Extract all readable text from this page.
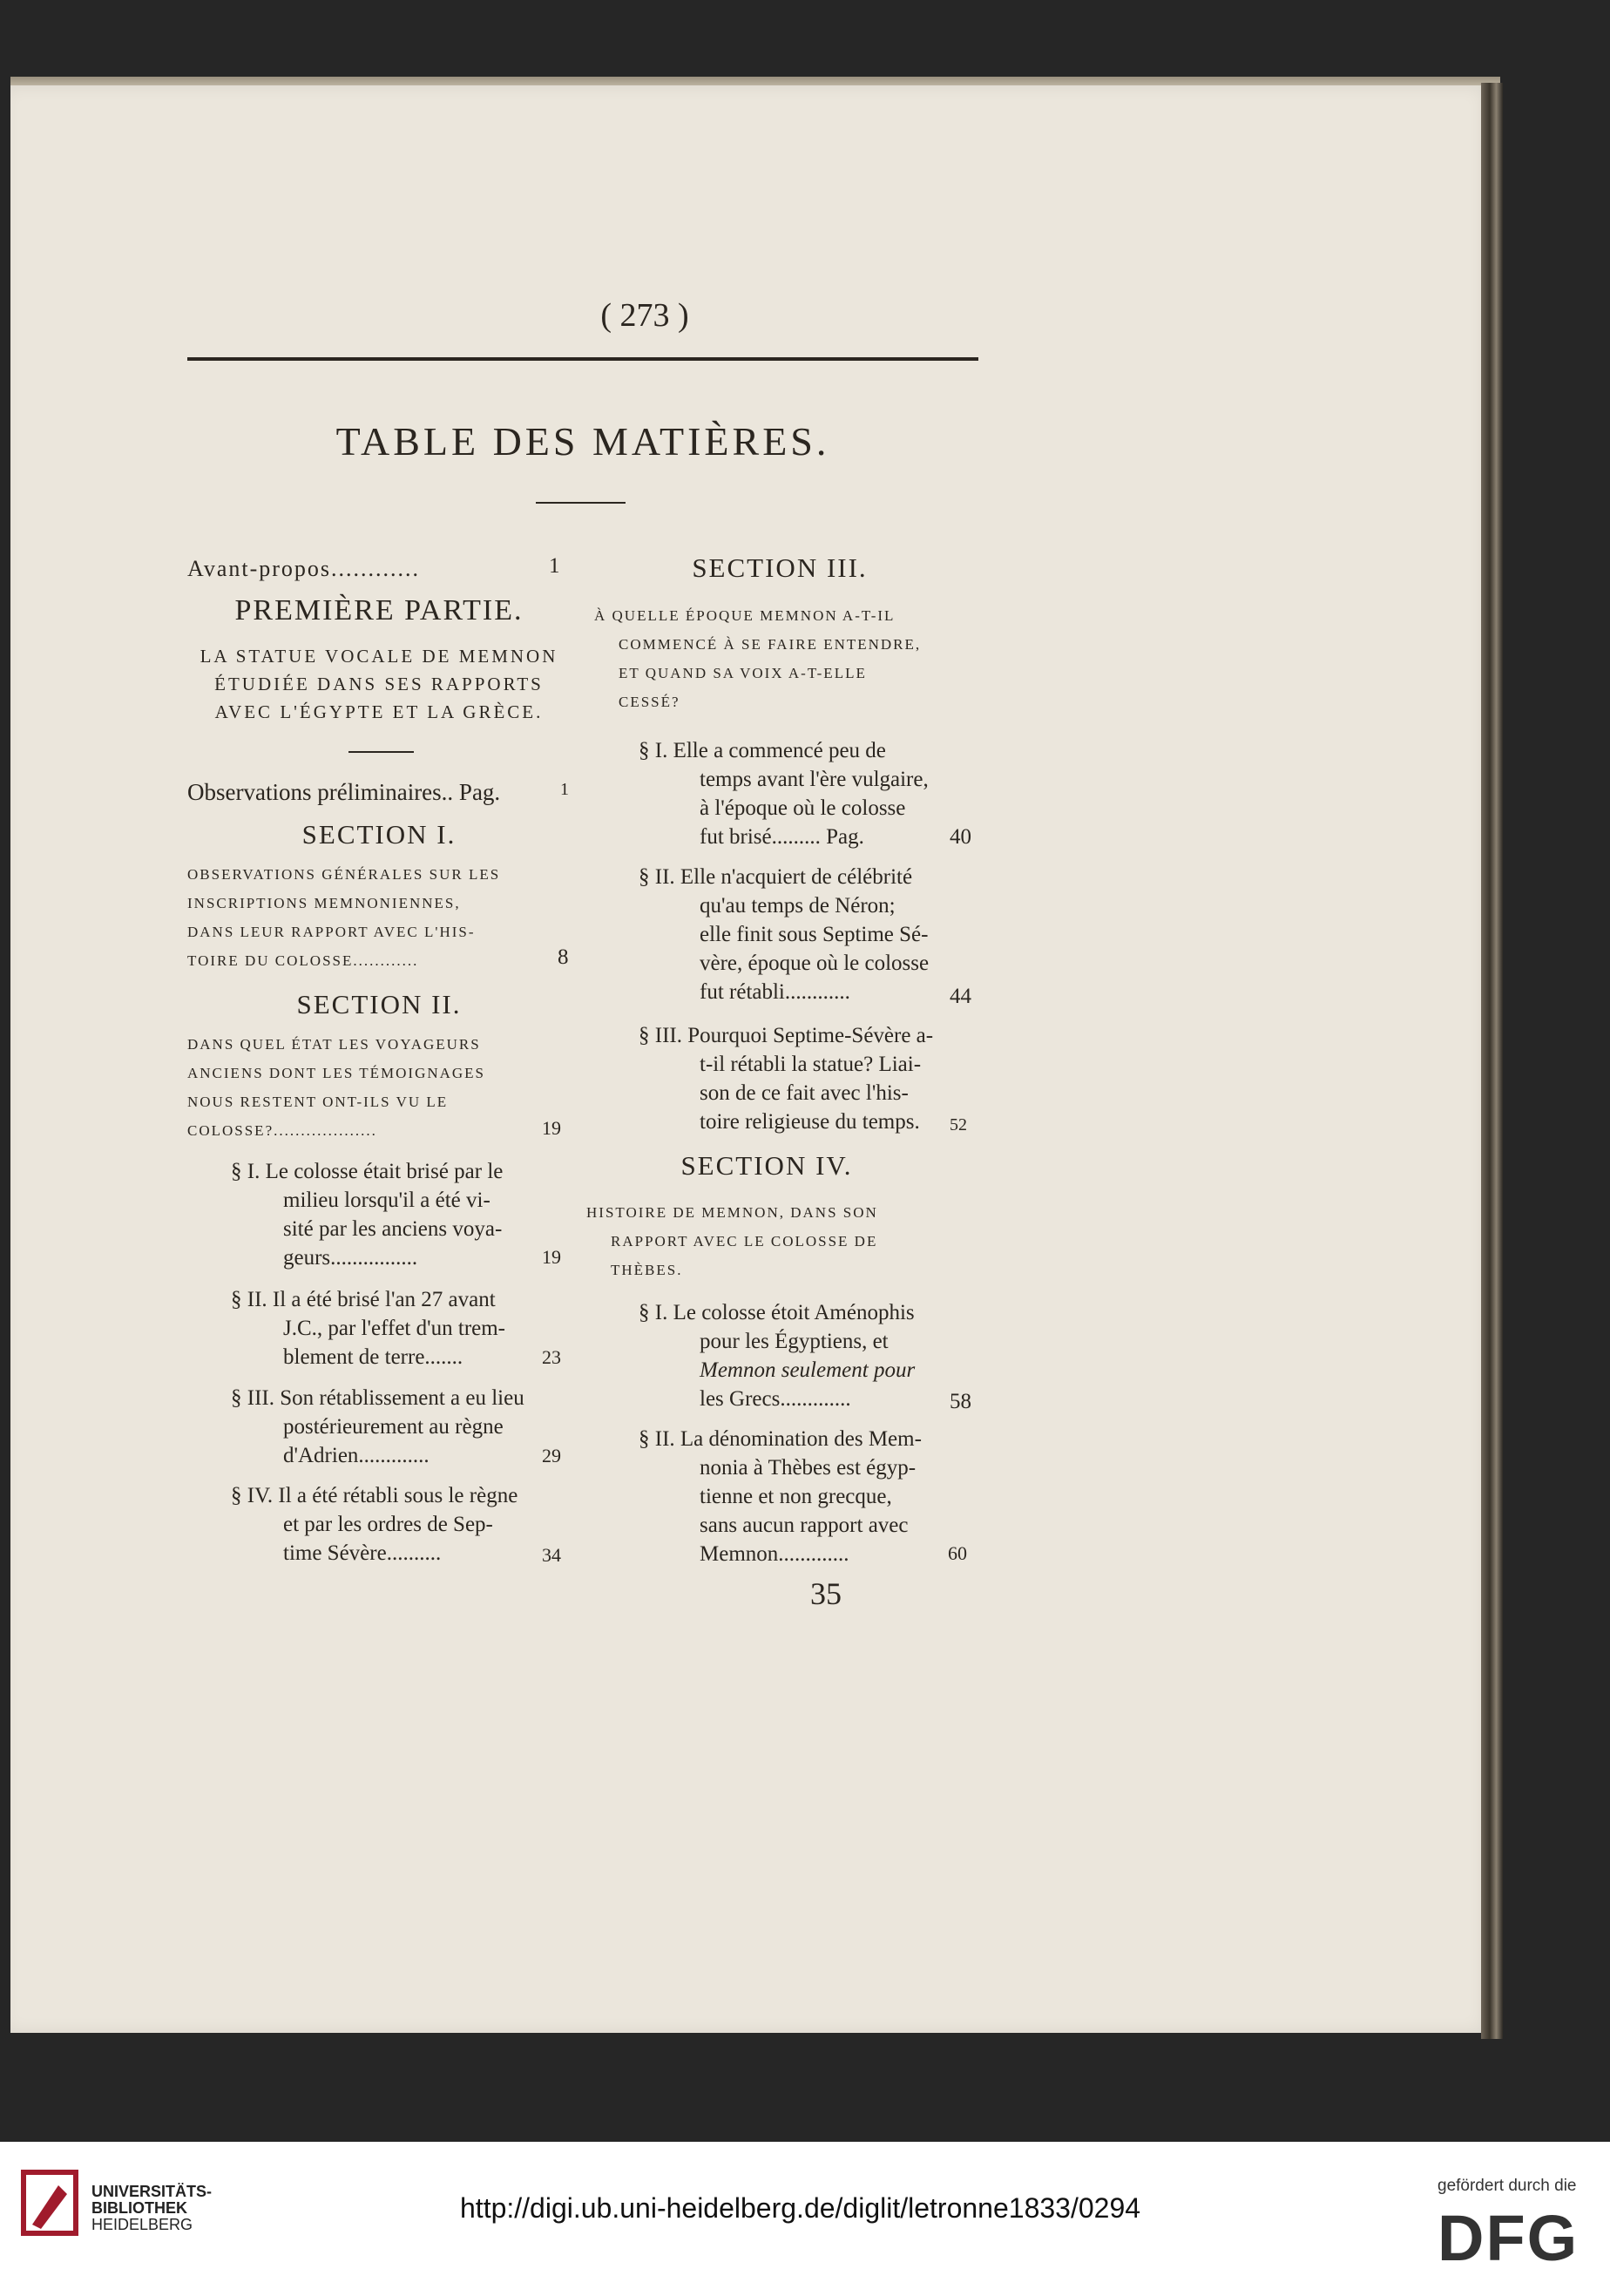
( 273 )
TABLE DES MATIÈRES.
Avant-propos............	1
PREMIÈRE PARTIE.
LA STATUE VOCALE DE MEMNON
ÉTUDIÉE DANS SES RAPPORTS
AVEC L'ÉGYPTE ET LA GRÈCE.
Observations préliminaires.. Pag.	1
SECTION I.
OBSERVATIONS GÉNÉRALES SUR LES
INSCRIPTIONS MEMNONIENNES,
DANS LEUR RAPPORT AVEC L'HIS-
TOIRE DU COLOSSE............	8
SECTION II.
DANS QUEL ÉTAT LES VOYAGEURS
ANCIENS DONT LES TÉMOIGNAGES
NOUS RESTENT ONT-ILS VU LE
COLOSSE?...................	19
§ I. Le colosse était brisé par le
milieu lorsqu'il a été vi-
sité par les anciens voya-
geurs................	19
§ II. Il a été brisé l'an 27 avant
J.C., par l'effet d'un trem-
blement de terre.......	23
§ III. Son rétablissement a eu lieu
postérieurement au règne
d'Adrien.............	29
§ IV. Il a été rétabli sous le règne
et par les ordres de Sep-
time Sévère..........	34
SECTION III.
À QUELLE ÉPOQUE MEMNON A-T-IL
COMMENCÉ À SE FAIRE ENTENDRE,
ET QUAND SA VOIX A-T-ELLE
CESSÉ?
§ I. Elle a commencé peu de
temps avant l'ère vulgaire,
à l'époque où le colosse
fut brisé......... Pag.	40
§ II. Elle n'acquiert de célébrité
qu'au temps de Néron;
elle finit sous Septime Sé-
vère, époque où le colosse
fut rétabli............	44
§ III. Pourquoi Septime-Sévère a-
t-il rétabli la statue? Liai-
son de ce fait avec l'his-
toire religieuse du temps.	52
SECTION IV.
HISTOIRE DE MEMNON, DANS SON
RAPPORT AVEC LE COLOSSE DE
THÈBES.
§ I. Le colosse étoit Aménophis
pour les Égyptiens, et
Memnon seulement pour
les Grecs.............	58
§ II. La dénomination des Mem-
nonia à Thèbes est égyp-
tienne et non grecque,
sans aucun rapport avec
Memnon.............	60
35
UNIVERSITÄTS-
BIBLIOTHEK
HEIDELBERG
http://digi.ub.uni-heidelberg.de/diglit/letronne1833/0294
gefördert durch die
DFG
